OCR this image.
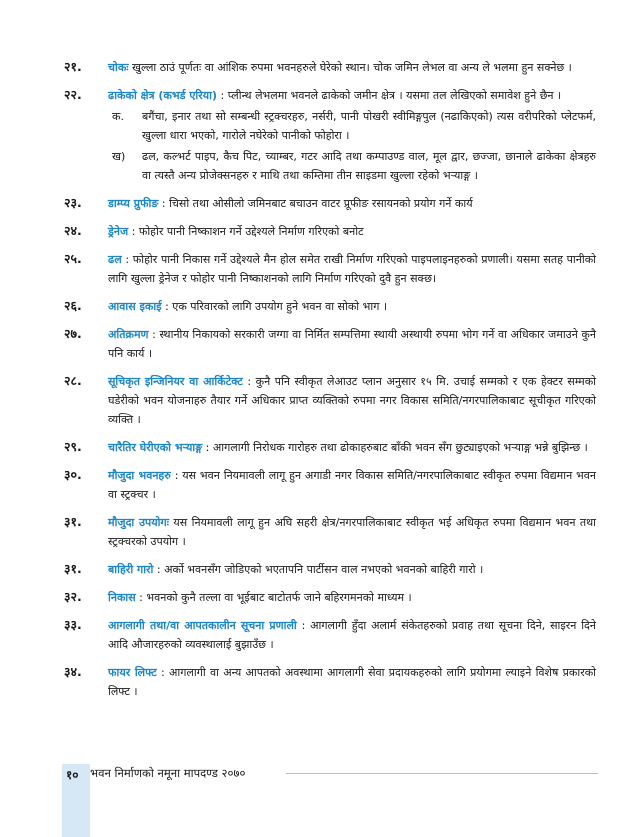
२१. चोकः खुल्ला ठाउं पूर्णतः वा आंशिक रुपमा भवनहरुले घेरेको स्थान। चोक जमिन लेभल वा अन्य ले भलमा हुन सक्नेछ ।
२२. ढाकेको क्षेत्र (कभर्ड एरिया) : प्लीन्थ लेभलमा भवनले ढाकेको जमीन क्षेत्र । यसमा तल लेखिएको समावेश हुने छैन ।
क. बगैंचा, इनार तथा सो सम्बन्धी स्ट्रक्चरहरु, नर्सरी, पानी पोखरी स्वीमिङ्गपुल (नढाकिएको) त्यस वरीपरिको प्लेटफर्म, खुल्ला धारा भएको, गारोले नघेरेको पानीको फोहोरा ।
ख) ढल, कल्भर्ट पाइप, कैच पिट, च्याम्बर, गटर आदि तथा कम्पाउण्ड वाल, मूल द्वार, छज्जा, छानाले ढाकेका क्षेत्रहरु वा त्यस्तै अन्य प्रोजेक्सनहरु र माथि तथा कम्तिमा तीन साइडमा खुल्ला रहेको भऱ्याङ्ग ।
२३. डाम्प्य प्रुफीङ : चिसो तथा ओसीलो जमिनबाट बचाउन वाटर प्रूफीङ रसायनको प्रयोग गर्ने कार्य
२४. ड्रेनेज : फोहोर पानी निष्काशन गर्ने उद्देश्यले निर्माण गरिएको बनोट
२५. ढल : फोहोर पानी निकास गर्ने उद्देश्यले मैन होल समेत राखी निर्माण गरिएको पाइपलाइनहरुको प्रणाली। यसमा सतह पानीको लागि खुल्ला ड्रेनेज र फोहोर पानी निष्काशनको लागि निर्माण गरिएको दुवै हुन सक्छ।
२६. आवास इकाई : एक परिवारको लागि उपयोग हुने भवन वा सोको भाग ।
२७. अतिक्रमण : स्थानीय निकायको सरकारी जग्गा वा निर्मित सम्पत्तिमा स्थायी अस्थायी रुपमा भोग गर्ने वा अधिकार जमाउने कुनै पनि कार्य ।
२८. सूचिकृत इन्जिनियर वा आर्किटेक्ट : कुनै पनि स्वीकृत लेआउट प्लान अनुसार १५ मि. उचाई सम्मको र एक हेक्टर सम्मको घडेरीको भवन योजनाहरु तैयार गर्ने अधिकार प्राप्त व्यक्तिको रुपमा नगर विकास समिति/नगरपालिकाबाट सूचीकृत गरिएको व्यक्ति ।
२९. चारैतिर घेरीएको भऱ्याङ्ग : आगलागी निरोधक गारोहरु तथा ढोकाहरुबाट बाँकी भवन सँग छुट्याइएको भऱ्याङ्ग भन्ने बुझिन्छ ।
३०. मौजुदा भवनहरु : यस भवन नियमावली लागू हुन अगाडी नगर विकास समिति/नगरपालिकाबाट स्वीकृत रुपमा विद्यमान भवन वा स्ट्रक्चर ।
३१. मौजुदा उपयोगः यस नियमावली लागू हुन अघि सहरी क्षेत्र/नगरपालिकाबाट स्वीकृत भई अधिकृत रुपमा विद्यमान भवन तथा स्ट्रक्चरको उपयोग ।
३१. बाहिरी गारो : अर्को भवनसँग जोडिएको भएतापनि पार्टीसन वाल नभएको भवनको बाहिरी गारो ।
३२. निकास : भवनको कुनै तल्ला वा भूईबाट बाटोतर्फ जाने बहिरगमनको माध्यम ।
३३. आगलागी तथा/वा आपतकालीन सूचना प्रणाली : आगलागी हुँदा अलार्म संकेतहरुको प्रवाह तथा सूचना दिने, साइरन दिने आदि औजारहरुको व्यवस्थालाई बुझाउँछ ।
३४. फायर लिफ्ट : आगलागी वा अन्य आपतको अवस्थामा आगलागी सेवा प्रदायकहरुको लागि प्रयोगमा ल्याइने विशेष प्रकारको लिफ्ट ।
१० भवन निर्माणको नमूना मापदण्ड २०७०
